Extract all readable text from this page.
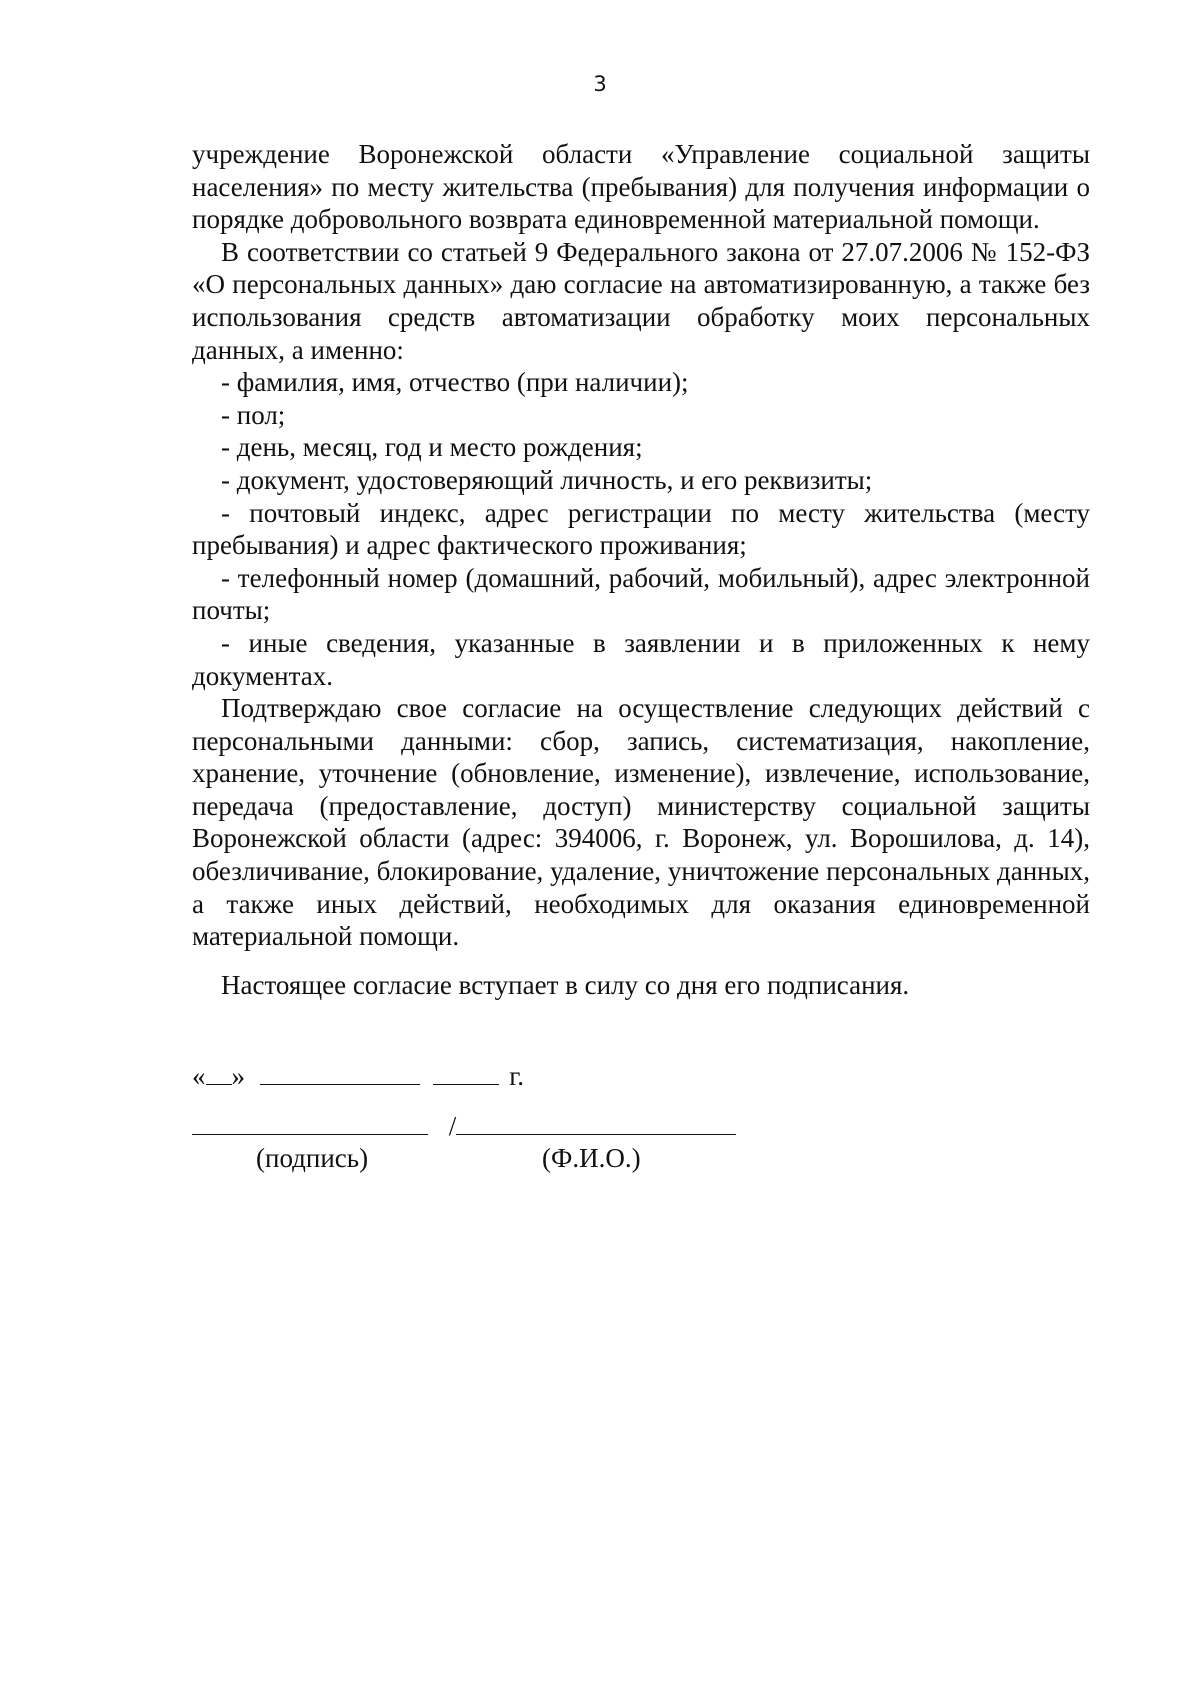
3

учреждение Воронежской области «Управление социальной защиты населения» по месту жительства (пребывания) для получения информации о порядке добровольного возврата единовременной материальной помощи.

В соответствии со статьей 9 Федерального закона от 27.07.2006 № 152-ФЗ «О персональных данных» даю согласие на автоматизированную, а также без использования средств автоматизации обработку моих персональных данных, а именно:

- фамилия, имя, отчество (при наличии);

- пол;

- день, месяц, год и место рождения;

- документ, удостоверяющий личность, и его реквизиты;

- почтовый индекс, адрес регистрации по месту жительства (месту пребывания) и адрес фактического проживания;

- телефонный номер (домашний, рабочий, мобильный), адрес электронной почты;

- иные сведения, указанные в заявлении и в приложенных к нему документах.

Подтверждаю свое согласие на осуществление следующих действий с персональными данными: сбор, запись, систематизация, накопление, хранение, уточнение (обновление, изменение), извлечение, использование, передача (предоставление, доступ) министерству социальной защиты Воронежской области (адрес: 394006, г. Воронеж, ул. Ворошилова, д. 14), обезличивание, блокирование, удаление, уничтожение персональных данных, а также иных действий, необходимых для оказания единовременной материальной помощи.

Настоящее согласие вступает в силу со дня его подписания.

« »	г.
/
(подпись)	(Ф.И.О.)
